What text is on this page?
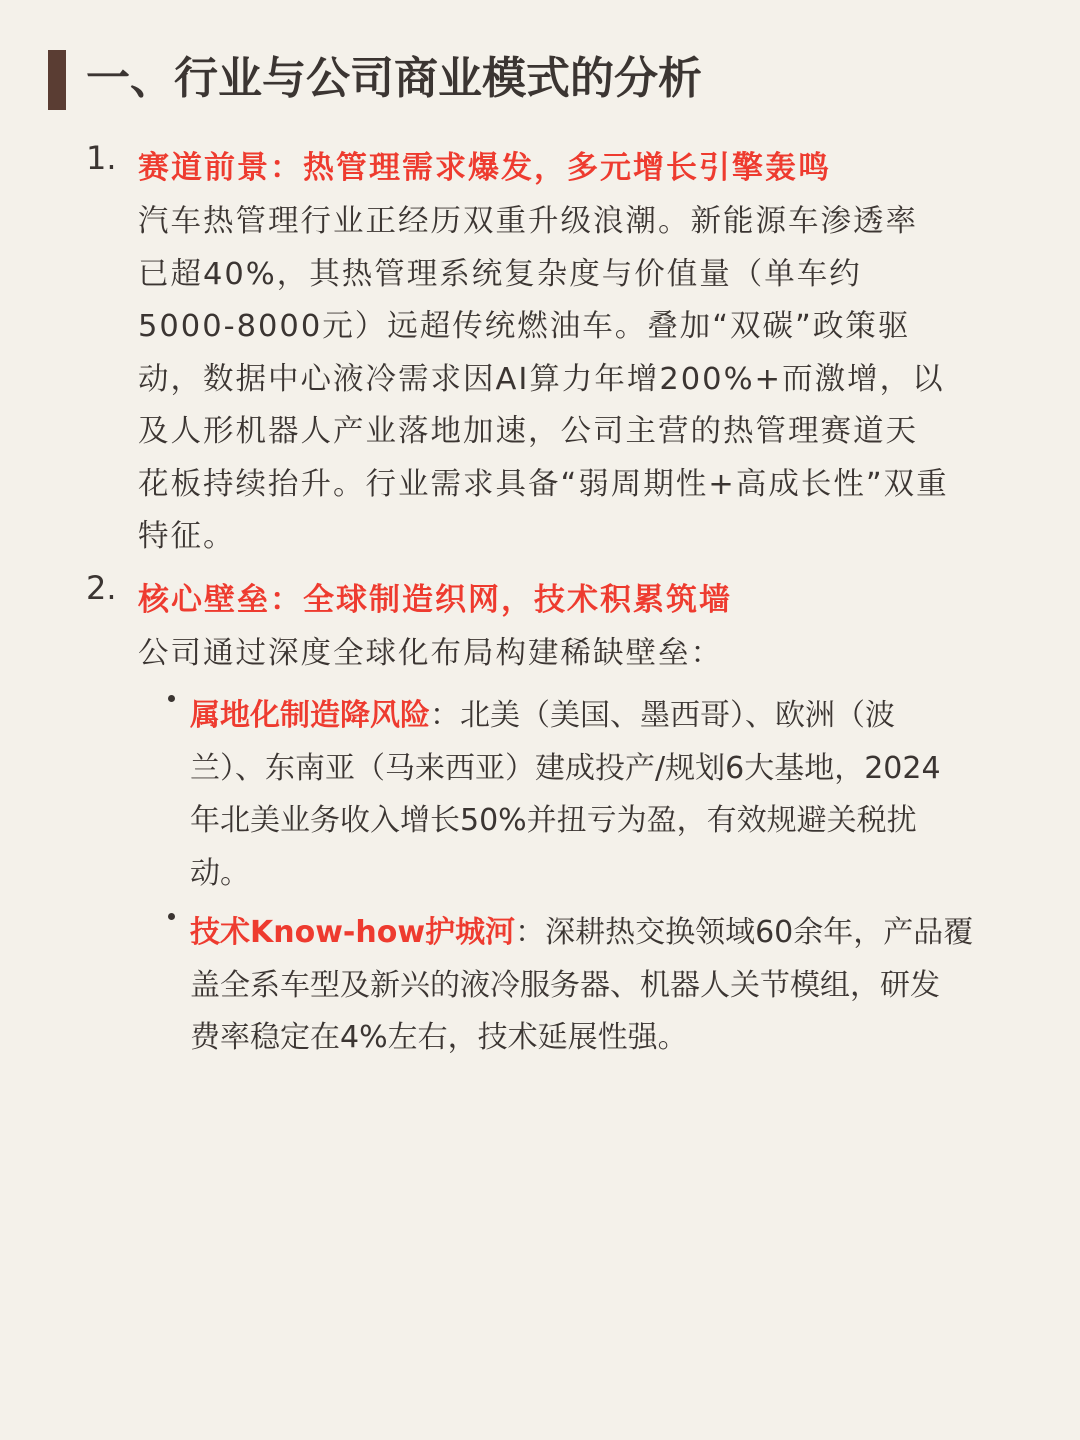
一、行业与公司商业模式的分析
1. 赛道前景：热管理需求爆发，多元增长引擎轰鸣
汽车热管理行业正经历双重升级浪潮。新能源车渗透率
已超40%，其热管理系统复杂度与价值量（单车约
5000-8000元）远超传统燃油车。叠加“双碳”政策驱
动，数据中心液冷需求因AI算力年增200%+而激增，以
及人形机器人产业落地加速，公司主营的热管理赛道天
花板持续抬升。行业需求具备“弱周期性+高成长性”双重
特征。
2. 核心壁垒：全球制造织网，技术积累筑墙
公司通过深度全球化布局构建稀缺壁垒：
属地化制造降风险：北美（美国、墨西哥）、欧洲（波
兰）、东南亚（马来西亚）建成投产/规划6大基地，2024
年北美业务收入增长50%并扭亏为盈，有效规避关税扰
动。
技术Know-how护城河：深耕热交换领域60余年，产品覆
盖全系车型及新兴的液冷服务器、机器人关节模组，研发
费率稳定在4%左右，技术延展性强。
